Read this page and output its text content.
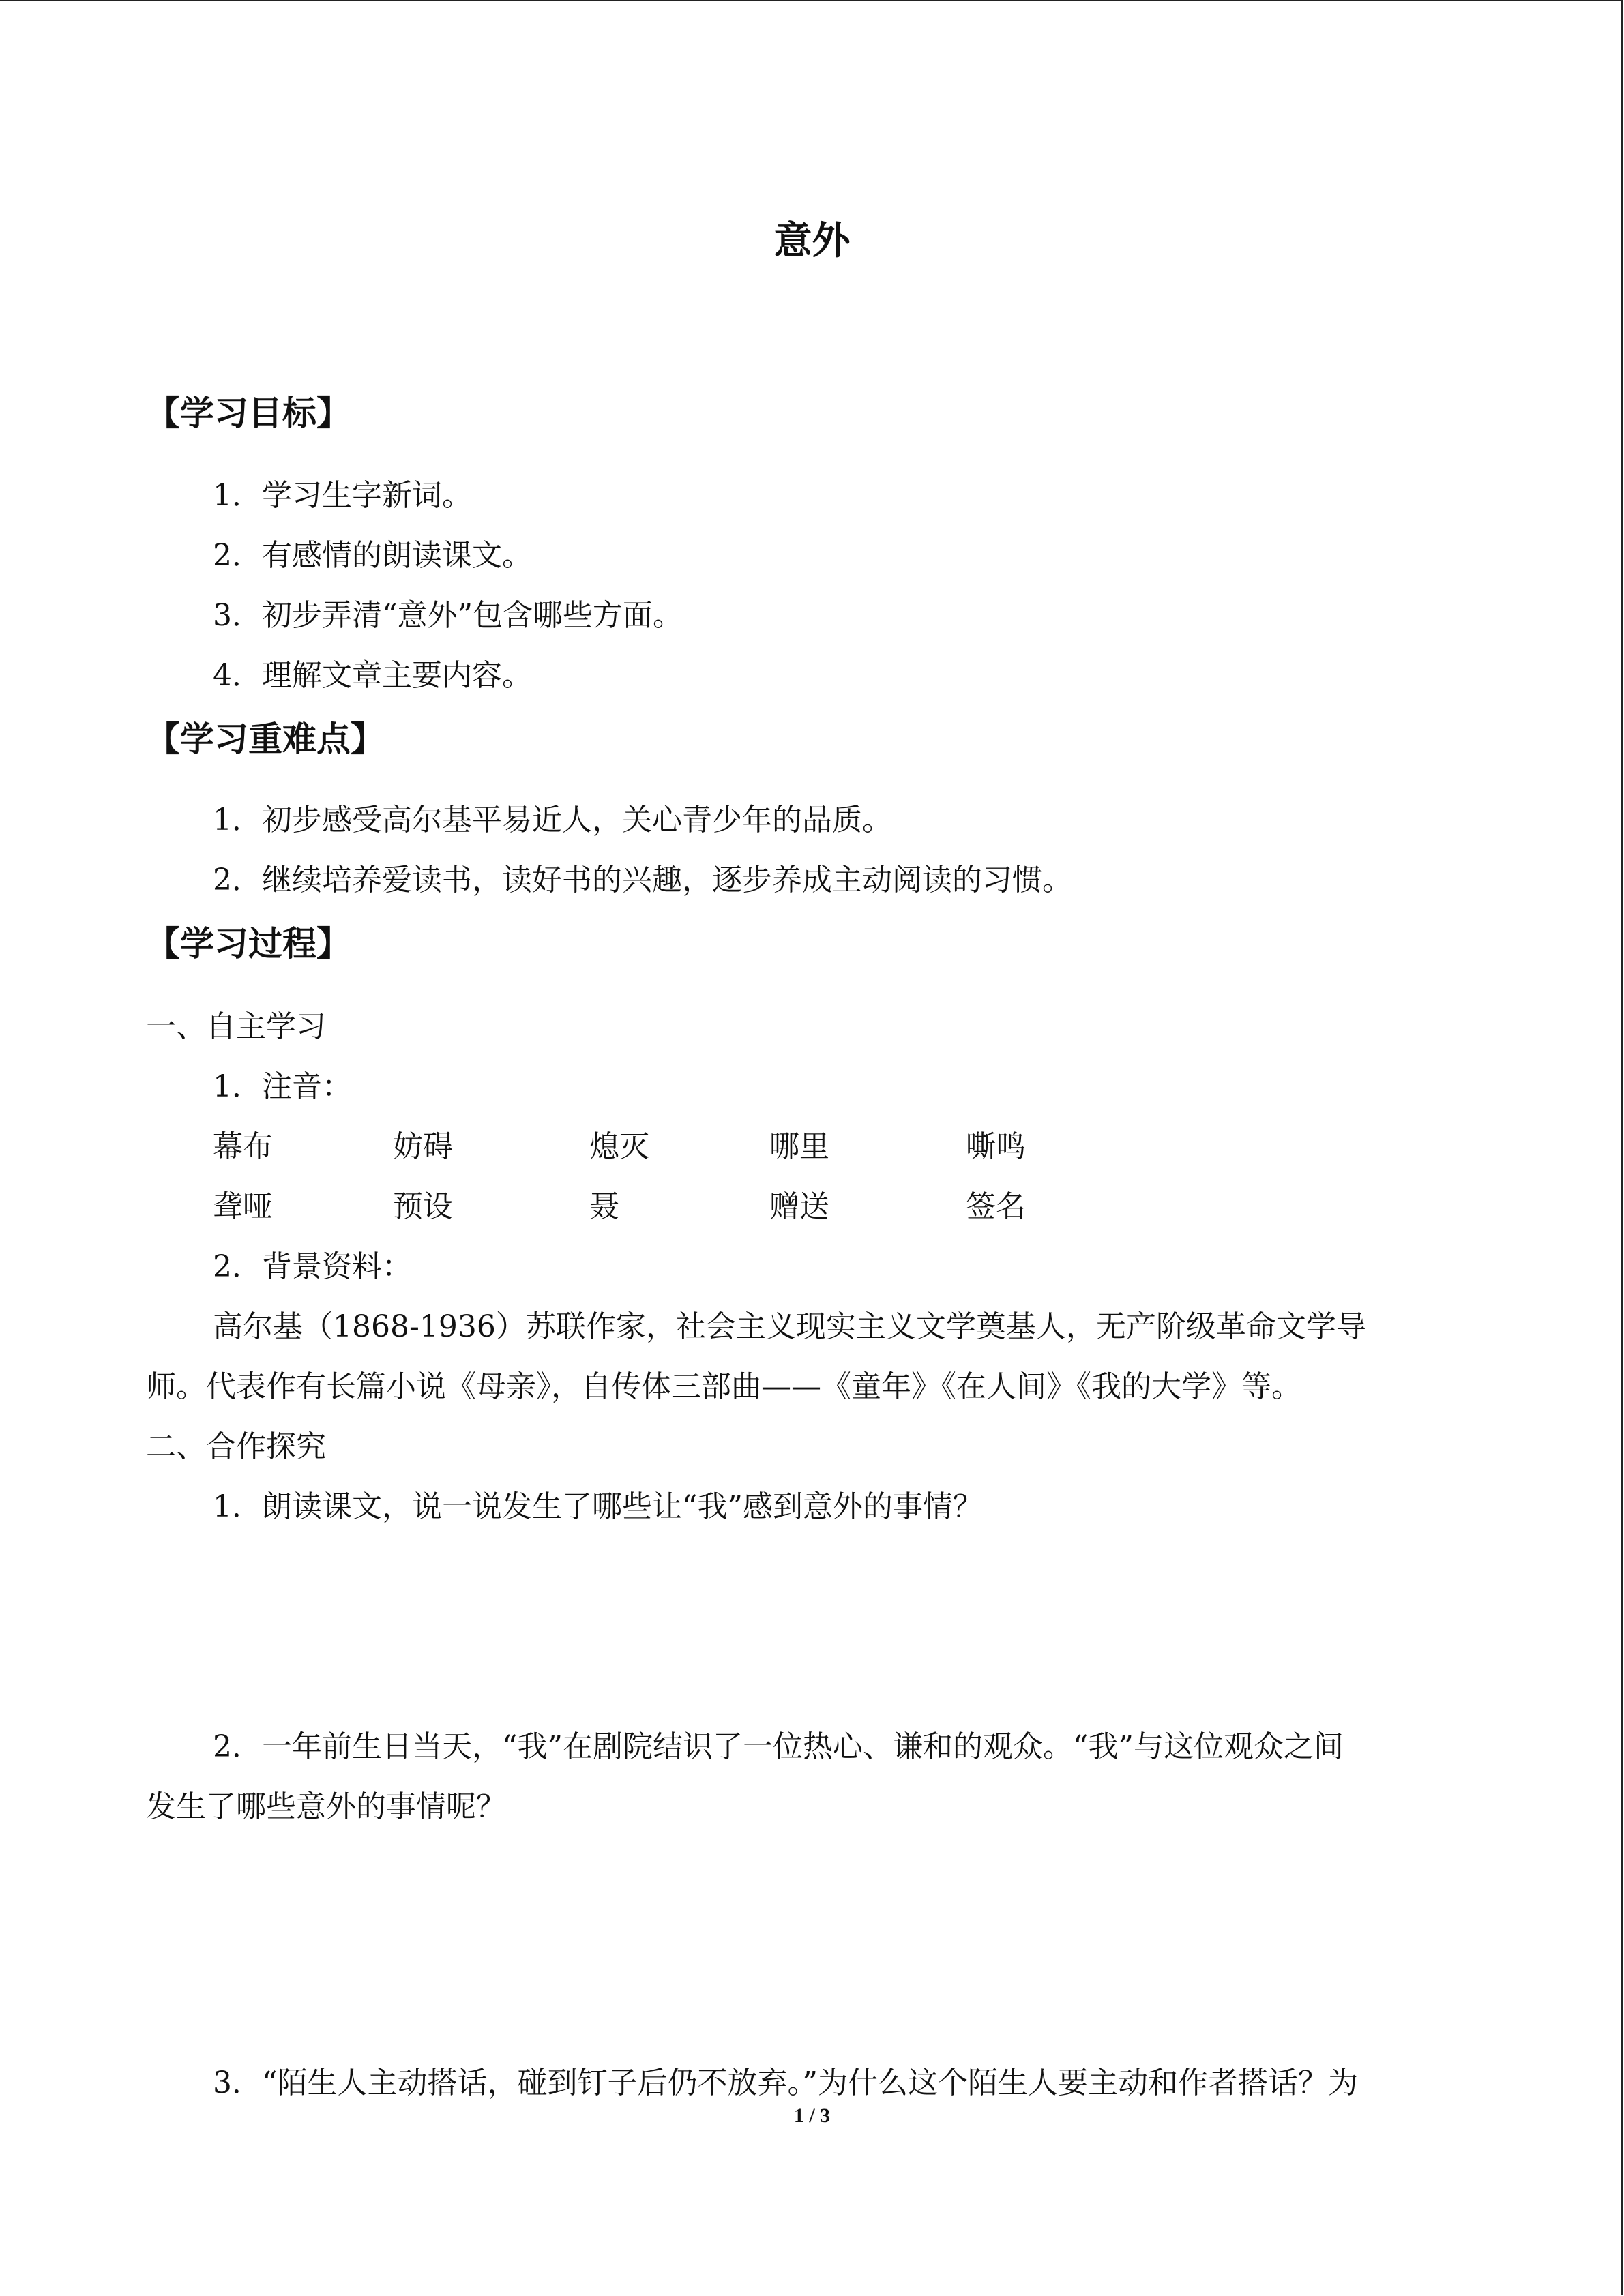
意外
【学习目标】
1．学习生字新词。
2．有感情的朗读课文。
3．初步弄清“意外”包含哪些方面。
4．理解文章主要内容。
【学习重难点】
1．初步感受高尔基平易近人，关心青少年的品质。
2．继续培养爱读书，读好书的兴趣，逐步养成主动阅读的习惯。
【学习过程】
一、自主学习
1．注音：
幕布	妨碍	熄灭	哪里	嘶鸣
聋哑	预设	聂	赠送	签名
2．背景资料：
高尔基（1868-1936）苏联作家，社会主义现实主义文学奠基人，无产阶级革命文学导
师。代表作有长篇小说《母亲》，自传体三部曲——《童年》《在人间》《我的大学》等。
二、合作探究
1．朗读课文，说一说发生了哪些让“我”感到意外的事情？
2．一年前生日当天，“我”在剧院结识了一位热心、谦和的观众。“我”与这位观众之间
发生了哪些意外的事情呢？
3．“陌生人主动搭话，碰到钉子后仍不放弃。”为什么这个陌生人要主动和作者搭话？为
1 / 3
